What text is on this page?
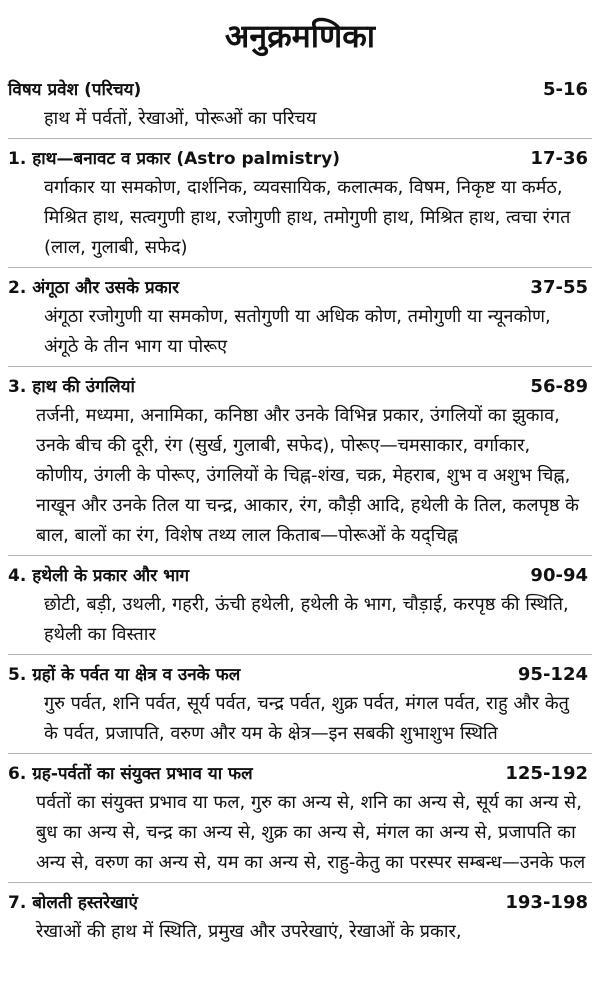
अनुक्रमणिका
विषय प्रवेश (परिचय)	5-16
हाथ में पर्वतों, रेखाओं, पोरूओं का परिचय
1. हाथ—बनावट व प्रकार (Astro palmistry)	17-36
वर्गाकार या समकोण, दार्शनिक, व्यवसायिक, कलात्मक, विषम, निकृष्ट या कर्मठ, मिश्रित हाथ, सत्वगुणी हाथ, रजोगुणी हाथ, तमोगुणी हाथ, मिश्रित हाथ, त्वचा रंगत (लाल, गुलाबी, सफेद)
2. अंगूठा और उसके प्रकार	37-55
अंगूठा रजोगुणी या समकोण, सतोगुणी या अधिक कोण, तमोगुणी या न्यूनकोण, अंगूठे के तीन भाग या पोरूए
3. हाथ की उंगलियां	56-89
तर्जनी, मध्यमा, अनामिका, कनिष्ठा और उनके विभिन्न प्रकार, उंगलियों का झुकाव, उनके बीच की दूरी, रंग (सुर्ख, गुलाबी, सफेद), पोरूए—चमसाकार, वर्गाकार, कोणीय, उंगली के पोरूए, उंगलियों के चिह्न-शंख, चक्र, मेहराब, शुभ व अशुभ चिह्न, नाखून और उनके तिल या चन्द्र, आकार, रंग, कौड़ी आदि, हथेली के तिल, कलपृष्ठ के बाल, बालों का रंग, विशेष तथ्य लाल किताब—पोरूओं के यद्चिह्न
4. हथेली के प्रकार और भाग	90-94
छोटी, बड़ी, उथली, गहरी, ऊंची हथेली, हथेली के भाग, चौड़ाई, करपृष्ठ की स्थिति, हथेली का विस्तार
5. ग्रहों के पर्वत या क्षेत्र व उनके फल	95-124
गुरु पर्वत, शनि पर्वत, सूर्य पर्वत, चन्द्र पर्वत, शुक्र पर्वत, मंगल पर्वत, राहु और केतु के पर्वत, प्रजापति, वरुण और यम के क्षेत्र—इन सबकी शुभाशुभ स्थिति
6. ग्रह-पर्वतों का संयुक्त प्रभाव या फल	125-192
पर्वतों का संयुक्त प्रभाव या फल, गुरु का अन्य से, शनि का अन्य से, सूर्य का अन्य से, बुध का अन्य से, चन्द्र का अन्य से, शुक्र का अन्य से, मंगल का अन्य से, प्रजापति का अन्य से, वरुण का अन्य से, यम का अन्य से, राहु-केतु का परस्पर सम्बन्ध—उनके फल
7. बोलती हस्तरेखाएं	193-198
रेखाओं की हाथ में स्थिति, प्रमुख और उपरेखाएं, रेखाओं के प्रकार,
